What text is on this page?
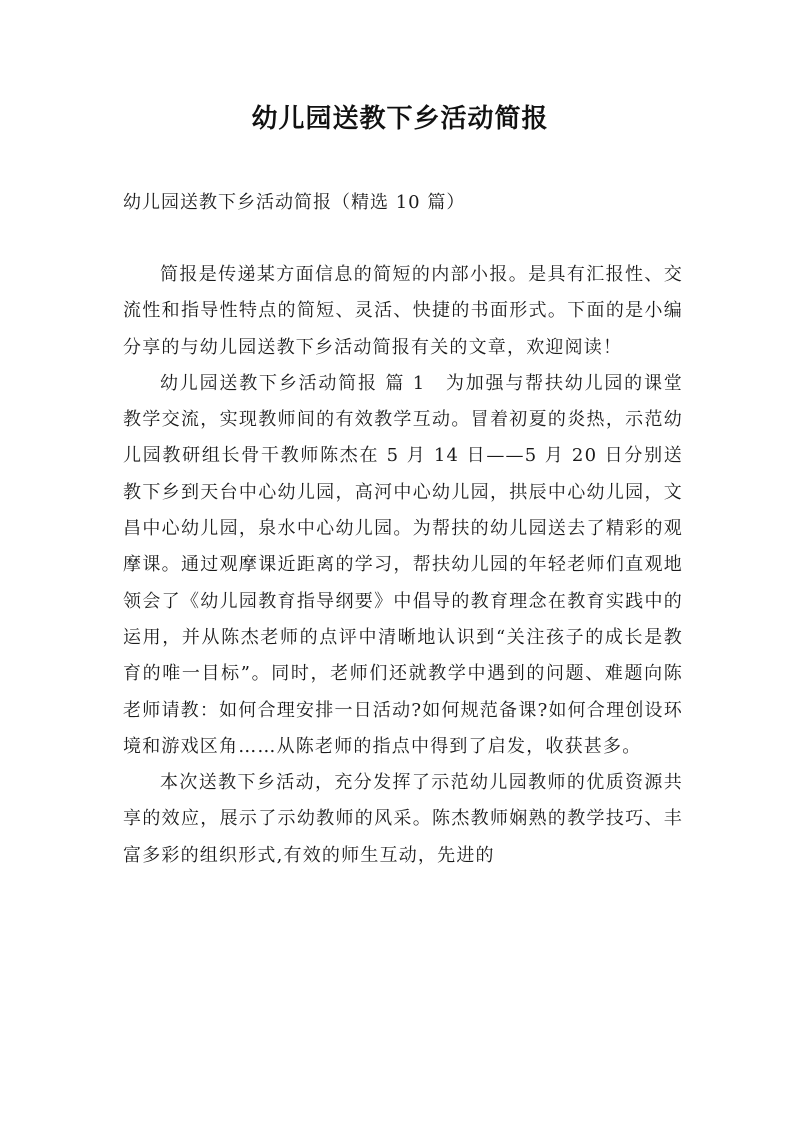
幼儿园送教下乡活动简报

幼儿园送教下乡活动简报（精选 10 篇）

简报是传递某方面信息的简短的内部小报。是具有汇报性、交流性和指导性特点的简短、灵活、快捷的书面形式。下面的是小编分享的与幼儿园送教下乡活动简报有关的文章，欢迎阅读！

幼儿园送教下乡活动简报 篇 1 为加强与帮扶幼儿园的课堂教学交流，实现教师间的有效教学互动。冒着初夏的炎热，示范幼儿园教研组长骨干教师陈杰在 5 月 14 日——5 月 20 日分别送教下乡到天台中心幼儿园，高河中心幼儿园，拱辰中心幼儿园，文昌中心幼儿园，泉水中心幼儿园。为帮扶的幼儿园送去了精彩的观摩课。通过观摩课近距离的学习，帮扶幼儿园的年轻老师们直观地领会了《幼儿园教育指导纲要》中倡导的教育理念在教育实践中的运用，并从陈杰老师的点评中清晰地认识到“关注孩子的成长是教育的唯一目标”。同时，老师们还就教学中遇到的问题、难题向陈老师请教：如何合理安排一日活动?如何规范备课?如何合理创设环境和游戏区角……从陈老师的指点中得到了启发，收获甚多。

本次送教下乡活动，充分发挥了示范幼儿园教师的优质资源共享的效应，展示了示幼教师的风采。陈杰教师娴熟的教学技巧、丰富多彩的组织形式,有效的师生互动，先进的
